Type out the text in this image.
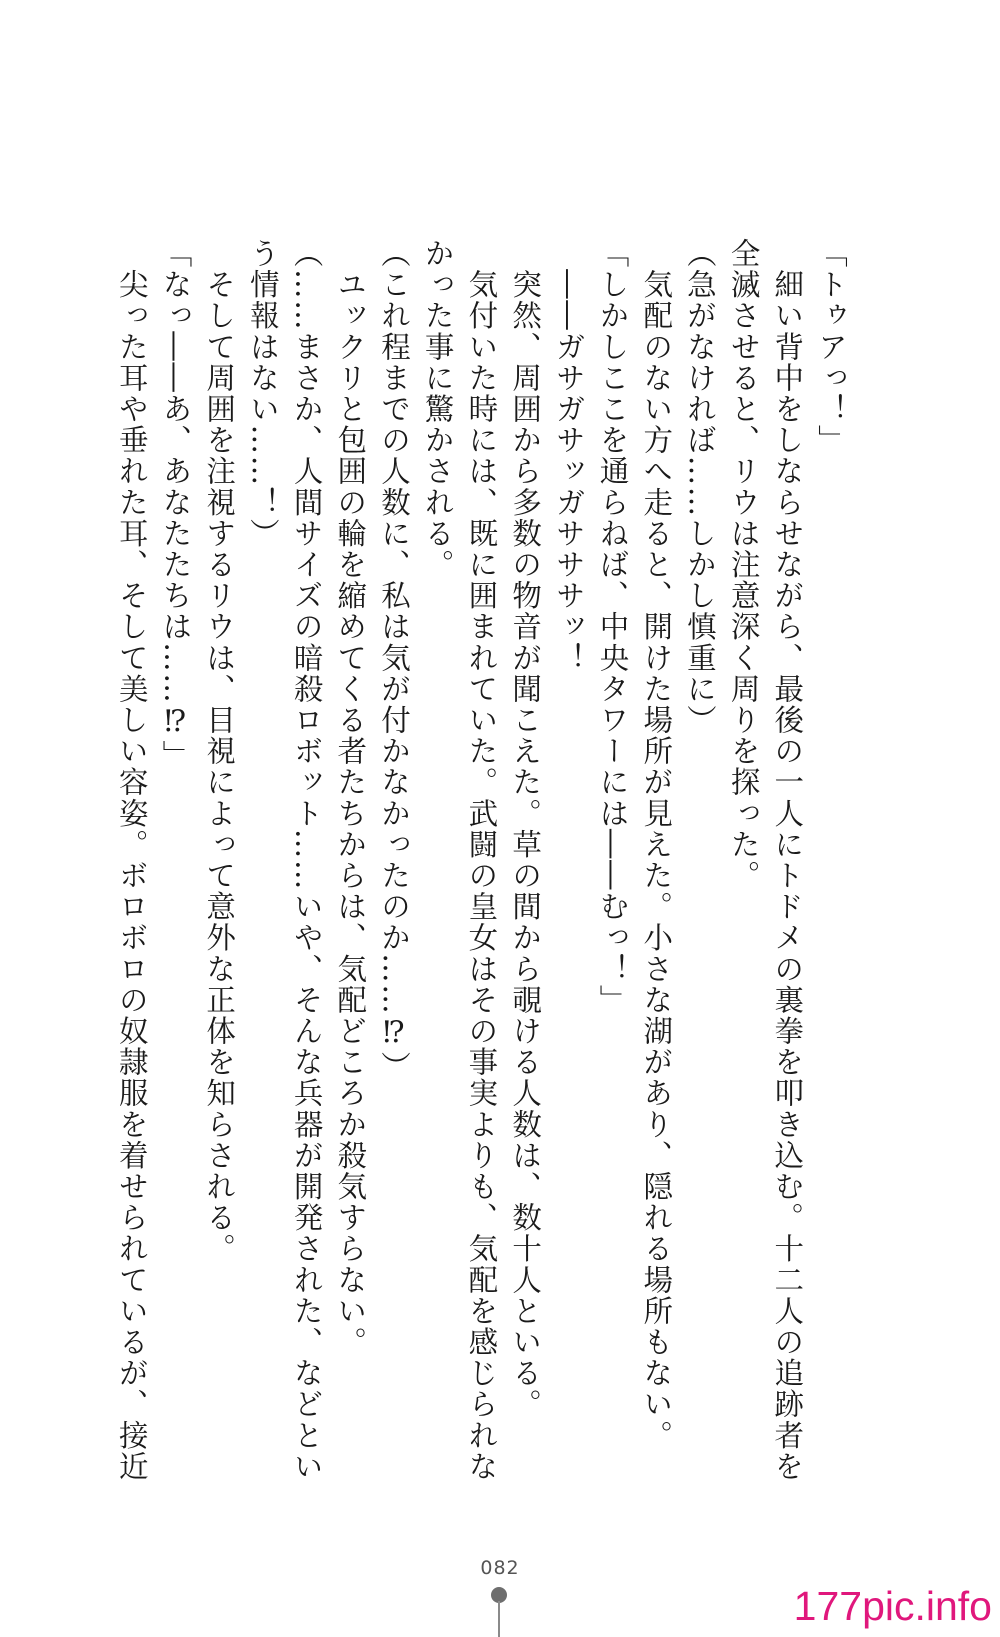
「トゥアっ！」
　細い背中をしならせながら、最後の一人にトドメの裏拳を叩き込む。十二人の追跡者を
全滅させると、リウは注意深く周りを探った。
（急がなければ……しかし慎重に）
　気配のない方へ走ると、開けた場所が見えた。小さな湖があり、隠れる場所もない。
「しかしここを通らねば、中央タワーには――むっ！」
　――ガサガサッガサササッ！
　突然、周囲から多数の物音が聞こえた。草の間から覗ける人数は、数十人といる。
　気付いた時には、既に囲まれていた。武闘の皇女はその事実よりも、気配を感じられな
かった事に驚かされる。
（これ程までの人数に、私は気が付かなかったのか……⁉）
　ユックリと包囲の輪を縮めてくる者たちからは、気配どころか殺気すらない。
（……まさか、人間サイズの暗殺ロボット……いや、そんな兵器が開発された、などとい
う情報はない……！）
　そして周囲を注視するリウは、目視によって意外な正体を知らされる。
「なっ――あ、あなたたちは……⁉」
　尖った耳や垂れた耳、そして美しい容姿。ボロボロの奴隷服を着せられているが、接近
082
177pic.info
